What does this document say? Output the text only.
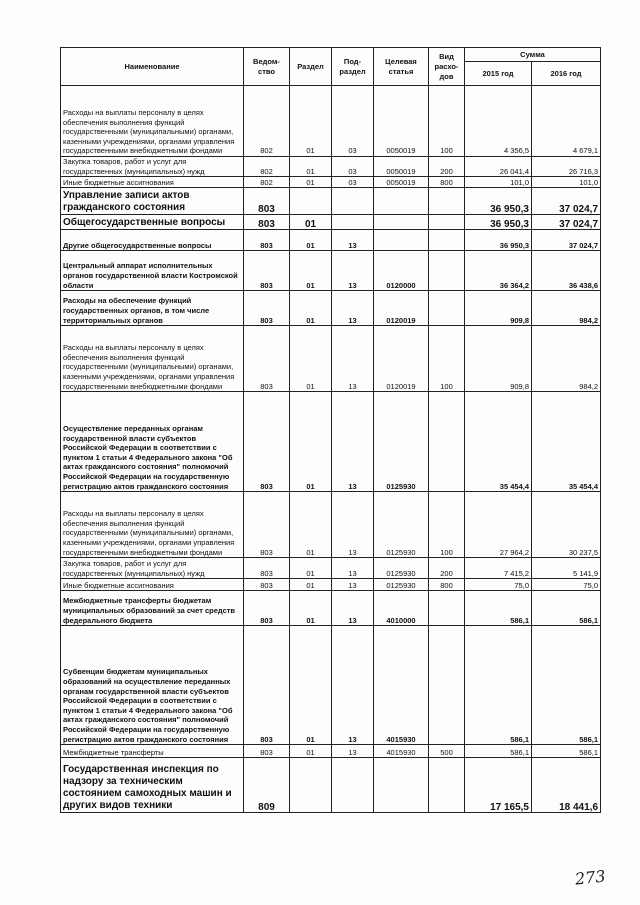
Наименование	Ведом-ство	Раздел	Под-раздел	Целевая статья	Вид расхо-дов	Сумма	
						2015 год	2016 год
Расходы на выплаты персоналу в целях обеспечения выполнения функций государственными (муниципальными) органами, казенными учреждениями, органами управления государственными внебюджетными фондами	802	01	03	0050019	100	4 356,5	4 679,1
Закупка товаров, работ и услуг для государственных (муниципальных) нужд	802	01	03	0050019	200	26 041,4	26 716,3
Иные бюджетные ассигнования	802	01	03	0050019	800	101,0	101,0
Управление записи актов гражданского состояния	803					36 950,3	37 024,7
Общегосударственные вопросы	803	01				36 950,3	37 024,7
Другие общегосударственные вопросы	803	01	13			36 950,3	37 024,7
Центральный аппарат исполнительных органов государственной власти Костромской области	803	01	13	0120000		36 364,2	36 438,6
Расходы на обеспечение функций государственных органов, в том числе территориальных органов	803	01	13	0120019		909,8	984,2
Расходы на выплаты персоналу в целях обеспечения выполнения функций государственными (муниципальными) органами, казенными учреждениями, органами управления государственными внебюджетными фондами	803	01	13	0120019	100	909,8	984,2
Осуществление переданных органам государственной власти субъектов Российской Федерации в соответствии с пунктом 1 статьи 4 Федерального закона "Об актах гражданского состояния" полномочий Российской Федерации на государственную регистрацию актов гражданского состояния	803	01	13	0125930		35 454,4	35 454,4
Расходы на выплаты персоналу в целях обеспечения выполнения функций государственными (муниципальными) органами, казенными учреждениями, органами управления государственными внебюджетными фондами	803	01	13	0125930	100	27 964,2	30 237,5
Закупка товаров, работ и услуг для государственных (муниципальных) нужд	803	01	13	0125930	200	7 415,2	5 141,9
Иные бюджетные ассигнования	803	01	13	0125930	800	75,0	75,0
Межбюджетные трансферты бюджетам муниципальных образований за счет средств федерального бюджета	803	01	13	4010000		586,1	586,1
Субвенции бюджетам муниципальных образований на осуществление переданных органам государственной власти субъектов Российской Федерации в соответствии с пунктом 1 статьи 4 Федерального закона "Об актах гражданского состояния" полномочий Российской Федерации на государственную регистрацию актов гражданского состояния	803	01	13	4015930		586,1	586,1
Межбюджетные трансферты	803	01	13	4015930	500	586,1	586,1
Государственная инспекция по надзору за техническим состоянием самоходных машин и других видов техники	809					17 165,5	18 441,6
273
